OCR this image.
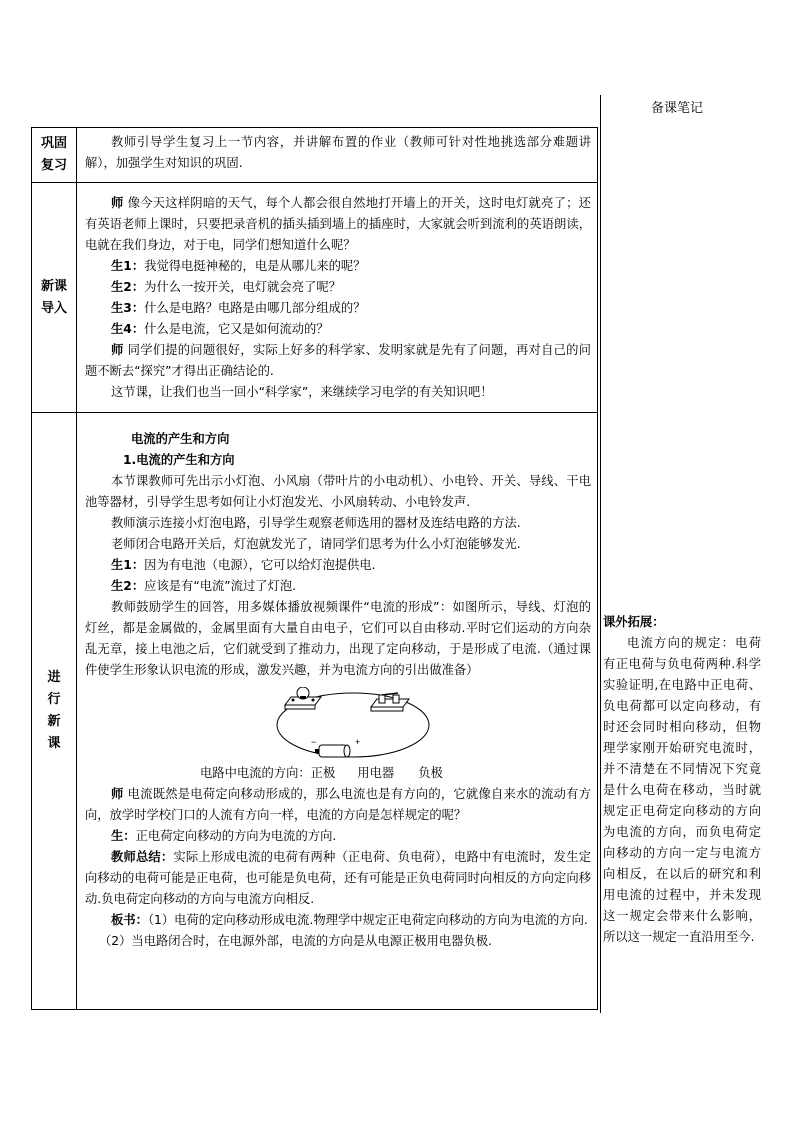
备课笔记
巩固
复习

教师引导学生复习上一节内容，并讲解布置的作业（教师可针对性地挑选部分难题讲解），加强学生对知识的巩固.

新课
导入

师 像今天这样阴暗的天气，每个人都会很自然地打开墙上的开关，这时电灯就亮了；还有英语老师上课时，只要把录音机的插头插到墙上的插座时，大家就会听到流利的英语朗读，电就在我们身边，对于电，同学们想知道什么呢？

生1：我觉得电挺神秘的，电是从哪儿来的呢？

生2：为什么一按开关，电灯就会亮了呢？

生3：什么是电路？电路是由哪几部分组成的？

生4：什么是电流，它又是如何流动的？

师 同学们提的问题很好，实际上好多的科学家、发明家就是先有了问题，再对自己的问题不断去“探究”才得出正确结论的.

这节课，让我们也当一回小“科学家”，来继续学习电学的有关知识吧！

进
行
新
课

电流的产生和方向

1.电流的产生和方向

本节课教师可先出示小灯泡、小风扇（带叶片的小电动机）、小电铃、开关、导线、干电池等器材，引导学生思考如何让小灯泡发光、小风扇转动、小电铃发声.

教师演示连接小灯泡电路，引导学生观察老师选用的器材及连结电路的方法.

老师闭合电路开关后，灯泡就发光了，请同学们思考为什么小灯泡能够发光.

生1：因为有电池（电源），它可以给灯泡提供电.

生2：应该是有“电流”流过了灯泡.

教师鼓励学生的回答，用多媒体播放视频课件“电流的形成”：如图所示，导线、灯泡的灯丝，都是金属做的，金属里面有大量自由电子，它们可以自由移动.平时它们运动的方向杂乱无章，接上电池之后，它们就受到了推动力，出现了定向移动，于是形成了电流.（通过课件使学生形象认识电流的形成，激发兴趣，并为电流方向的引出做准备）

−	+

电路中电流的方向：正极 用电器 负极

师 电流既然是电荷定向移动形成的，那么电流也是有方向的，它就像自来水的流动有方向，放学时学校门口的人流有方向一样，电流的方向是怎样规定的呢？

生：正电荷定向移动的方向为电流的方向.

教师总结：实际上形成电流的电荷有两种（正电荷、负电荷），电路中有电流时，发生定向移动的电荷可能是正电荷，也可能是负电荷，还有可能是正负电荷同时向相反的方向定向移动.负电荷定向移动的方向与电流方向相反.

板书：（1）电荷的定向移动形成电流.物理学中规定正电荷定向移动的方向为电流的方向.

（2）当电路闭合时，在电源外部，电流的方向是从电源正极用电器负极.

课外拓展：
电流方向的规定：电荷有正电荷与负电荷两种.科学实验证明,在电路中正电荷、负电荷都可以定向移动，有时还会同时相向移动，但物理学家刚开始研究电流时，并不清楚在不同情况下究竟是什么电荷在移动，当时就规定正电荷定向移动的方向为电流的方向，而负电荷定向移动的方向一定与电流方向相反，在以后的研究和利用电流的过程中，并未发现这一规定会带来什么影响，所以这一规定一直沿用至今.
